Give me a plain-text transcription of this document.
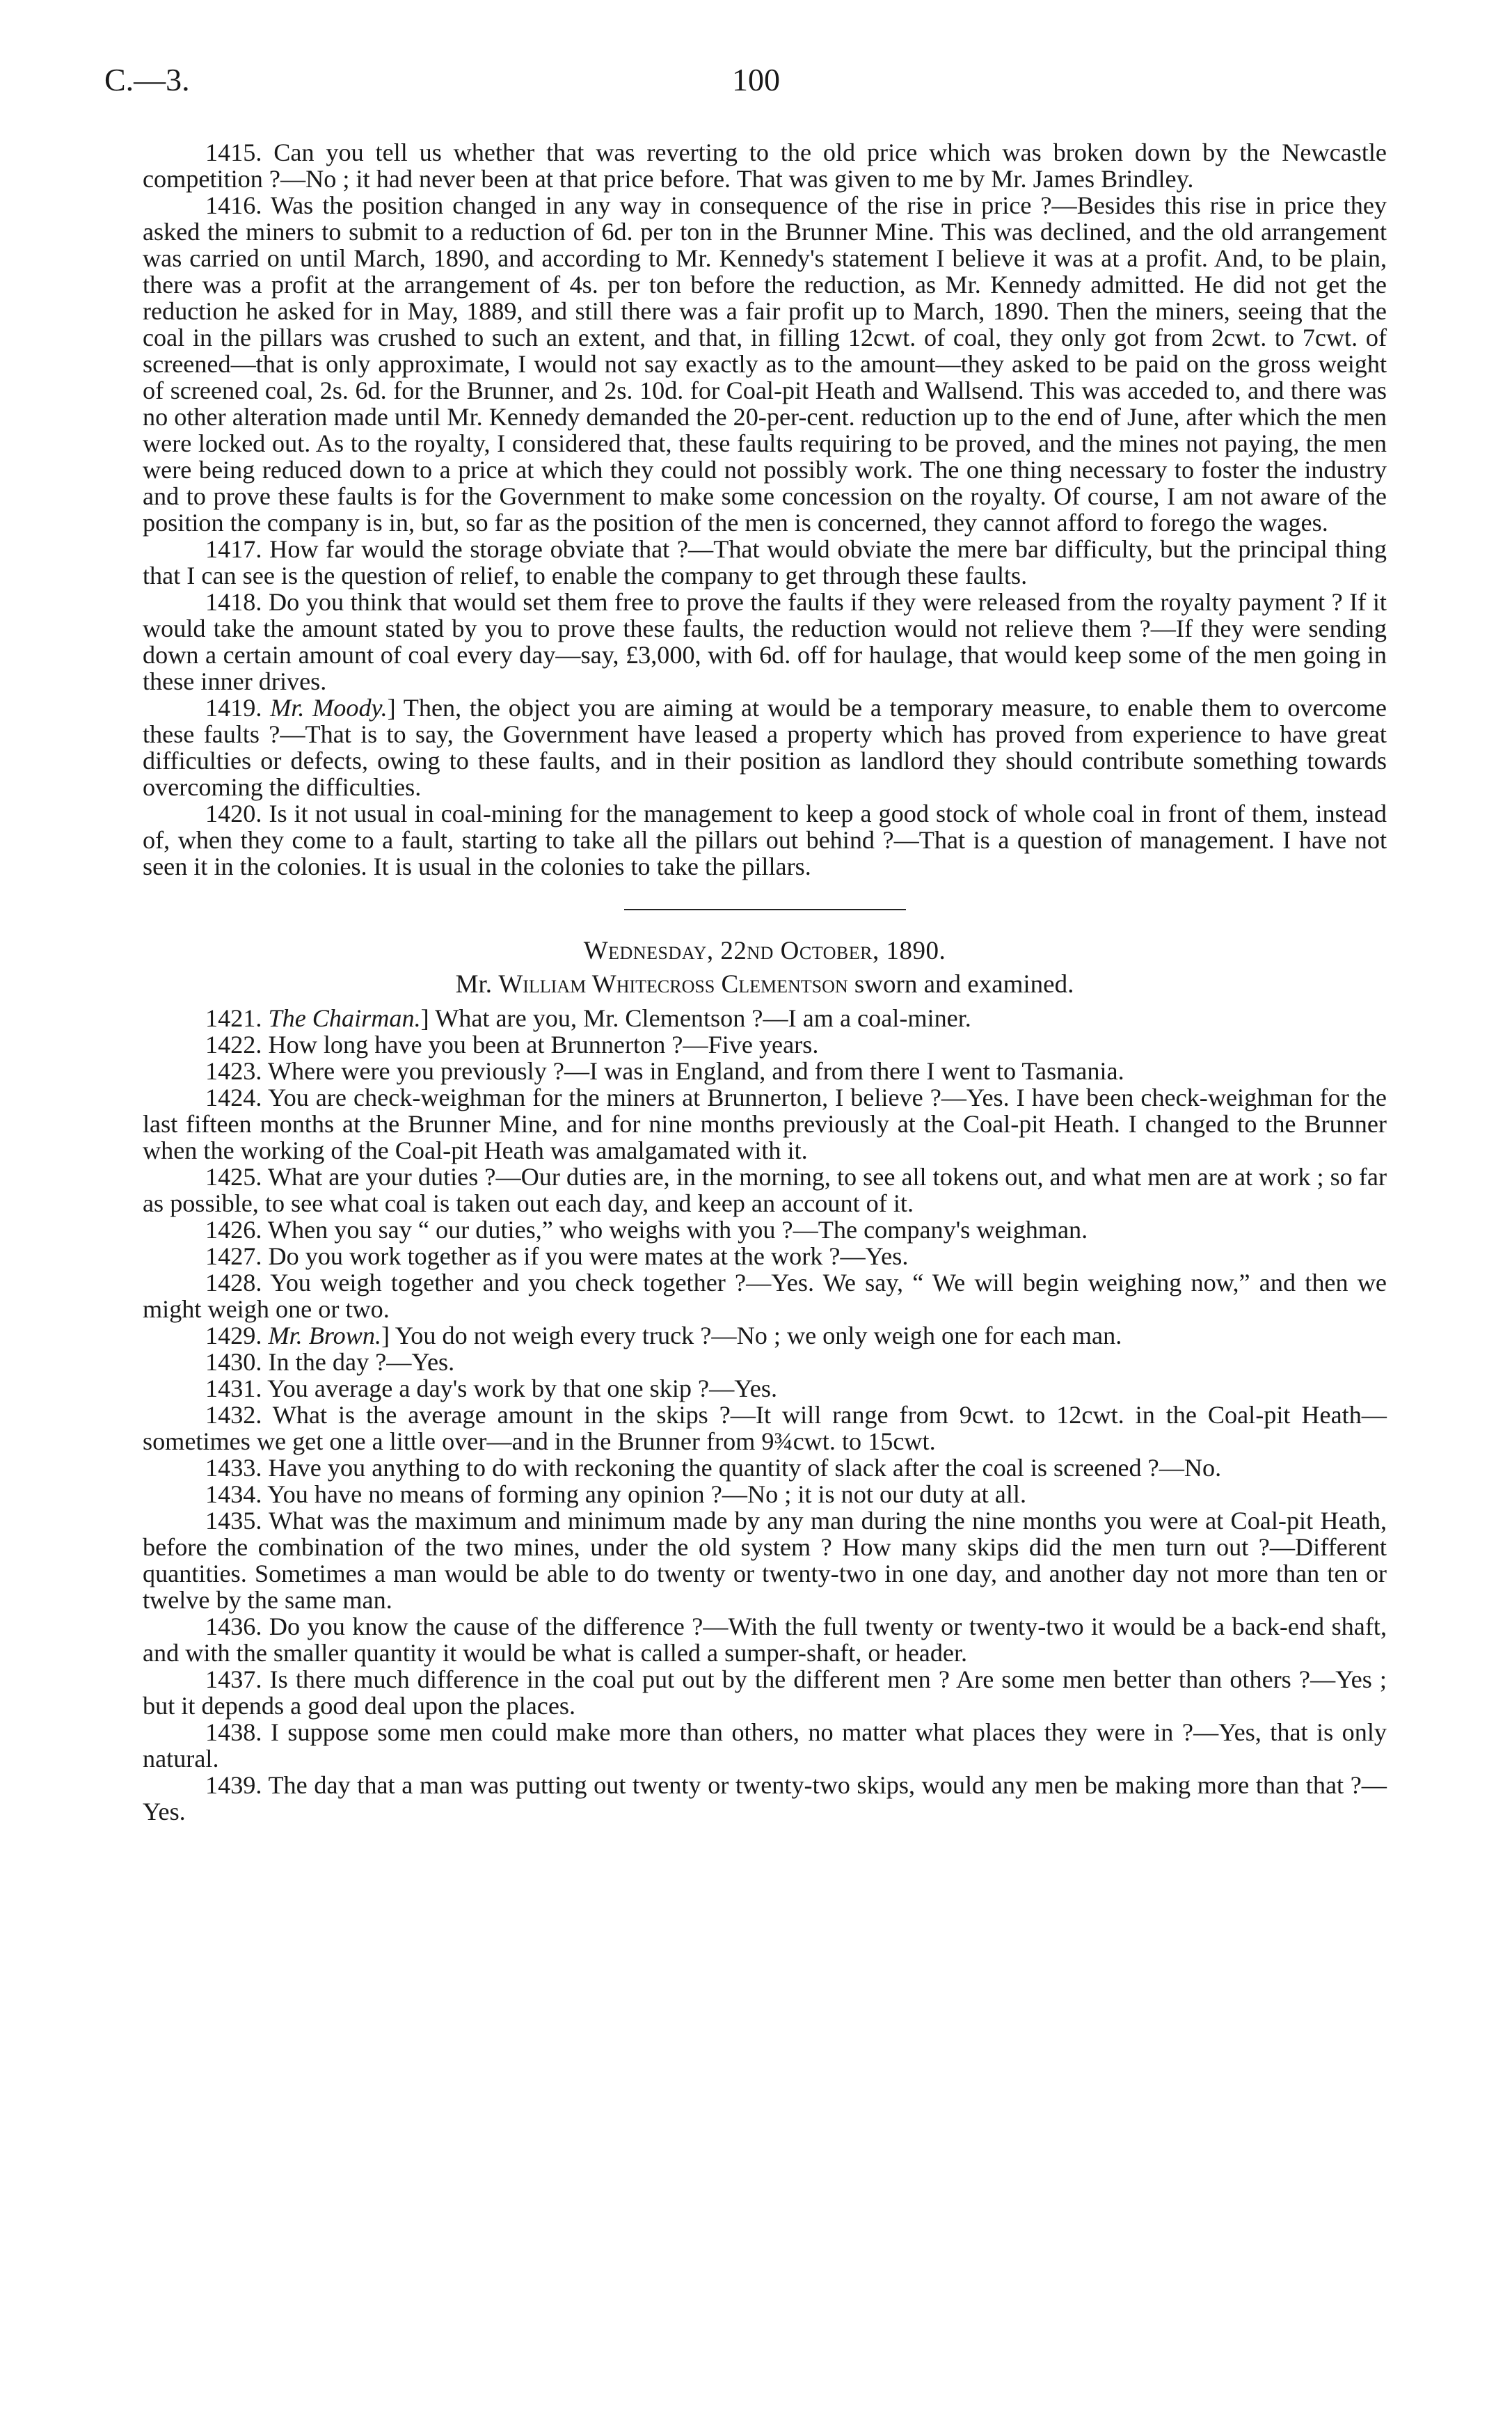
C.—3.	100

1415. Can you tell us whether that was reverting to the old price which was broken down by the Newcastle competition ?—No ; it had never been at that price before. That was given to me by Mr. James Brindley.

1416. Was the position changed in any way in consequence of the rise in price ?—Besides this rise in price they asked the miners to submit to a reduction of 6d. per ton in the Brunner Mine. This was declined, and the old arrangement was carried on until March, 1890, and according to Mr. Kennedy's statement I believe it was at a profit. And, to be plain, there was a profit at the arrangement of 4s. per ton before the reduction, as Mr. Kennedy admitted. He did not get the reduction he asked for in May, 1889, and still there was a fair profit up to March, 1890. Then the miners, seeing that the coal in the pillars was crushed to such an extent, and that, in filling 12cwt. of coal, they only got from 2cwt. to 7cwt. of screened—that is only approximate, I would not say exactly as to the amount—they asked to be paid on the gross weight of screened coal, 2s. 6d. for the Brunner, and 2s. 10d. for Coal-pit Heath and Wallsend. This was acceded to, and there was no other alteration made until Mr. Kennedy demanded the 20-per-cent. reduction up to the end of June, after which the men were locked out. As to the royalty, I considered that, these faults requiring to be proved, and the mines not paying, the men were being reduced down to a price at which they could not possibly work. The one thing necessary to foster the industry and to prove these faults is for the Government to make some concession on the royalty. Of course, I am not aware of the position the company is in, but, so far as the position of the men is concerned, they cannot afford to forego the wages.

1417. How far would the storage obviate that ?—That would obviate the mere bar difficulty, but the principal thing that I can see is the question of relief, to enable the company to get through these faults.

1418. Do you think that would set them free to prove the faults if they were released from the royalty payment ? If it would take the amount stated by you to prove these faults, the reduction would not relieve them ?—If they were sending down a certain amount of coal every day—say, £3,000, with 6d. off for haulage, that would keep some of the men going in these inner drives.

1419. Mr. Moody.] Then, the object you are aiming at would be a temporary measure, to enable them to overcome these faults ?—That is to say, the Government have leased a property which has proved from experience to have great difficulties or defects, owing to these faults, and in their position as landlord they should contribute something towards overcoming the difficulties.

1420. Is it not usual in coal-mining for the management to keep a good stock of whole coal in front of them, instead of, when they come to a fault, starting to take all the pillars out behind ?—That is a question of management. I have not seen it in the colonies. It is usual in the colonies to take the pillars.

Wednesday, 22nd October, 1890.

Mr. William Whitecross Clementson sworn and examined.

1421. The Chairman.] What are you, Mr. Clementson ?—I am a coal-miner.

1422. How long have you been at Brunnerton ?—Five years.

1423. Where were you previously ?—I was in England, and from there I went to Tasmania.

1424. You are check-weighman for the miners at Brunnerton, I believe ?—Yes. I have been check-weighman for the last fifteen months at the Brunner Mine, and for nine months previously at the Coal-pit Heath. I changed to the Brunner when the working of the Coal-pit Heath was amalgamated with it.

1425. What are your duties ?—Our duties are, in the morning, to see all tokens out, and what men are at work ; so far as possible, to see what coal is taken out each day, and keep an account of it.

1426. When you say “ our duties,” who weighs with you ?—The company's weighman.

1427. Do you work together as if you were mates at the work ?—Yes.

1428. You weigh together and you check together ?—Yes. We say, “ We will begin weighing now,” and then we might weigh one or two.

1429. Mr. Brown.] You do not weigh every truck ?—No ; we only weigh one for each man.

1430. In the day ?—Yes.

1431. You average a day's work by that one skip ?—Yes.

1432. What is the average amount in the skips ?—It will range from 9cwt. to 12cwt. in the Coal-pit Heath—sometimes we get one a little over—and in the Brunner from 9¾cwt. to 15cwt.

1433. Have you anything to do with reckoning the quantity of slack after the coal is screened ?—No.

1434. You have no means of forming any opinion ?—No ; it is not our duty at all.

1435. What was the maximum and minimum made by any man during the nine months you were at Coal-pit Heath, before the combination of the two mines, under the old system ? How many skips did the men turn out ?—Different quantities. Sometimes a man would be able to do twenty or twenty-two in one day, and another day not more than ten or twelve by the same man.

1436. Do you know the cause of the difference ?—With the full twenty or twenty-two it would be a back-end shaft, and with the smaller quantity it would be what is called a sumper-shaft, or header.

1437. Is there much difference in the coal put out by the different men ? Are some men better than others ?—Yes ; but it depends a good deal upon the places.

1438. I suppose some men could make more than others, no matter what places they were in ?—Yes, that is only natural.

1439. The day that a man was putting out twenty or twenty-two skips, would any men be making more than that ?—Yes.
